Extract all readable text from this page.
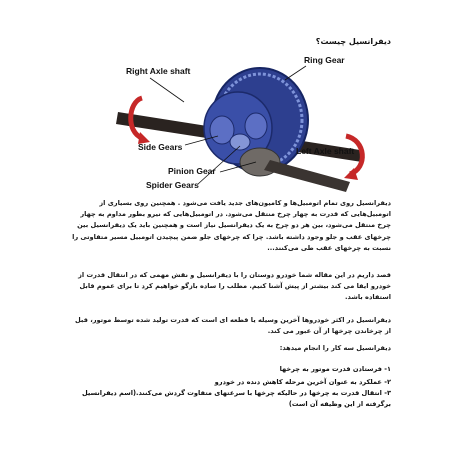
دیفرانسیل چیست؟
Right Axle shaft
Ring Gear
Side Gears
Pinion Gear
Left Axle shaft
Spider Gears
دیفرانسیل روی تمام اتومبیل‌ها و کامیون‌های جدید یافت می‌شود . همچنین روی بسیاری از اتومبیل‌هایی که قدرت به چهار چرخ منتقل می‌شود. در اتومبیل‌هایی که نیرو بطور مداوم به چهار چرخ منتقل می‌شود، بین هر دو چرخ به یک دیفرانسیل نیاز است و همچنین باید یک دیفرانسیل بین چرخهای عقب و جلو وجود داشته باشد. چرا که چرخهای جلو ضمن پیچیدن اتومبیل مسیر متفاوتی را نسبت به چرخهای عقب طی می‌کنند...
قصد داریم در این مقاله شما خودرو دوستان را با دیفرانسیل و نقش مهمی که در انتقال قدرت از خودرو ایفا می کند بیشتر از پیش آشنا کنیم. مطلب را ساده بازگو خواهیم کرد تا برای عموم قابل استفاده باشد.
دیفرانسیل در اکثر خودروها آخرین وسیله یا قطعه ای است که قدرت تولید شده توسط موتور، قبل از چرخاندن چرخها از آن عبور می کند.
دیفرانسیل سه کار را انجام میدهد:
۱- فرستادن قدرت موتور به چرخها
۲- عملکرد به عنوان آخرین مرحله کاهش دنده در خودرو
۳- انتقال قدرت به چرخها در حالیکه چرخها با سرعتهای متفاوت گردش می‌کنند.(اسم دیفرانسیل برگرفته از این وظیفه آن است)
